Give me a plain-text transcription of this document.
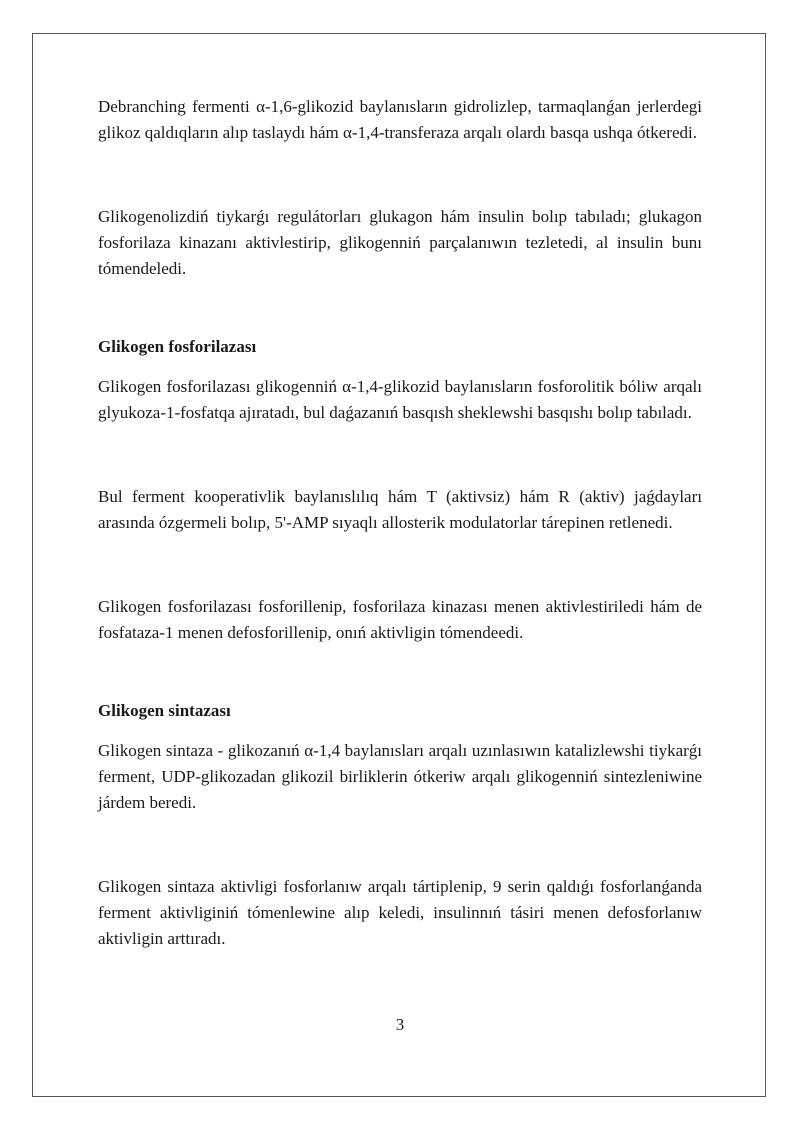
Debranching fermenti α-1,6-glikozid baylanısların gidrolizlep, tarmaqlanǵan jerlerdegi glikoz qaldıqların alıp taslaydı hám α-1,4-transferaza arqalı olardı basqa ushqa ótkeredi.

Glikogenolizdiń tiykarǵı regulátorları glukagon hám insulin bolıp tabıladı; glukagon fosforilaza kinazanı aktivlestirip, glikogenniń parçalanıwın tezletedi, al insulin bunı tómendeledi.

Glikogen fosforilazası

Glikogen fosforilazası glikogenniń α-1,4-glikozid baylanısların fosforolitik bóliw arqalı glyukoza-1-fosfatqa ajıratadı, bul daǵazanıń basqısh sheklewshi basqıshı bolıp tabıladı.

Bul ferment kooperativlik baylanıslılıq hám T (aktivsiz) hám R (aktiv) jaǵdayları arasında ózgermeli bolıp, 5'-AMP sıyaqlı allosterik modulatorlar tárepinen retlenedi.

Glikogen fosforilazası fosforillenip, fosforilaza kinazası menen aktivlestiriledi hám de fosfataza-1 menen defosforillenip, onıń aktivligin tómendeedi.

Glikogen sintazası

Glikogen sintaza - glikozanıń α-1,4 baylanısları arqalı uzınlasıwın katalizlewshi tiykarǵı ferment, UDP-glikozadan glikozil birliklerin ótkeriw arqalı glikogenniń sintezleniwine járdem beredi.

Glikogen sintaza aktivligi fosforlanıw arqalı tártiplenip, 9 serin qaldıǵı fosforlanǵanda ferment aktivliginiń tómenlewine alıp keledi, insulinnıń tásiri menen defosforlanıw aktivligin arttıradı.

3
